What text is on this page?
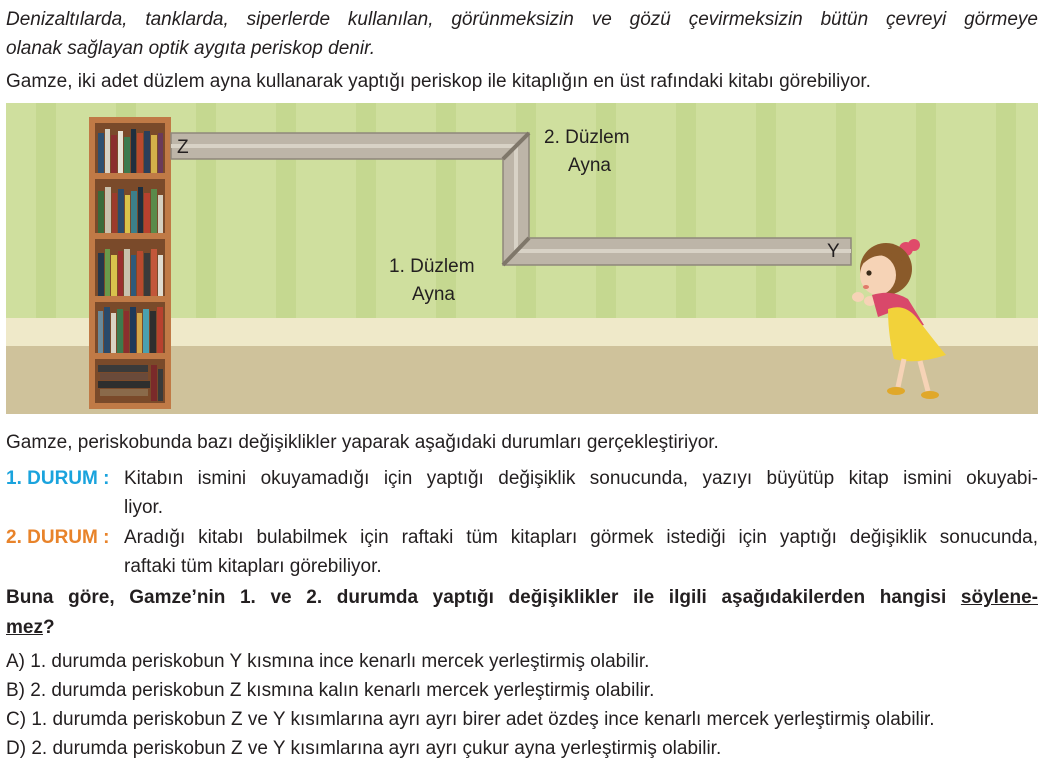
Denizaltılarda, tanklarda, siperlerde kullanılan, görünmeksizin ve gözü çevirmeksizin bütün çevreyi görmeye
olanak sağlayan optik aygıta periskop denir.
Gamze, iki adet düzlem ayna kullanarak yaptığı periskop ile kitaplığın en üst rafındaki kitabı görebiliyor.
Z
Y
2. Düzlem
Ayna
1. Düzlem
Ayna
Gamze, periskobunda bazı değişiklikler yaparak aşağıdaki durumları gerçekleştiriyor.
1. DURUM : Kitabın ismini okuyamadığı için yaptığı değişiklik sonucunda, yazıyı büyütüp kitap ismini okuyabi-
liyor.
2. DURUM : Aradığı kitabı bulabilmek için raftaki tüm kitapları görmek istediği için yaptığı değişiklik sonucunda,
raftaki tüm kitapları görebiliyor.
Buna göre, Gamze’nin 1. ve 2. durumda yaptığı değişiklikler ile ilgili aşağıdakilerden hangisi söylene-
mez?
A) 1. durumda periskobun Y kısmına ince kenarlı mercek yerleştirmiş olabilir.
B) 2. durumda periskobun Z kısmına kalın kenarlı mercek yerleştirmiş olabilir.
C) 1. durumda periskobun Z ve Y kısımlarına ayrı ayrı birer adet özdeş ince kenarlı mercek yerleştirmiş olabilir.
D) 2. durumda periskobun Z ve Y kısımlarına ayrı ayrı çukur ayna yerleştirmiş olabilir.
